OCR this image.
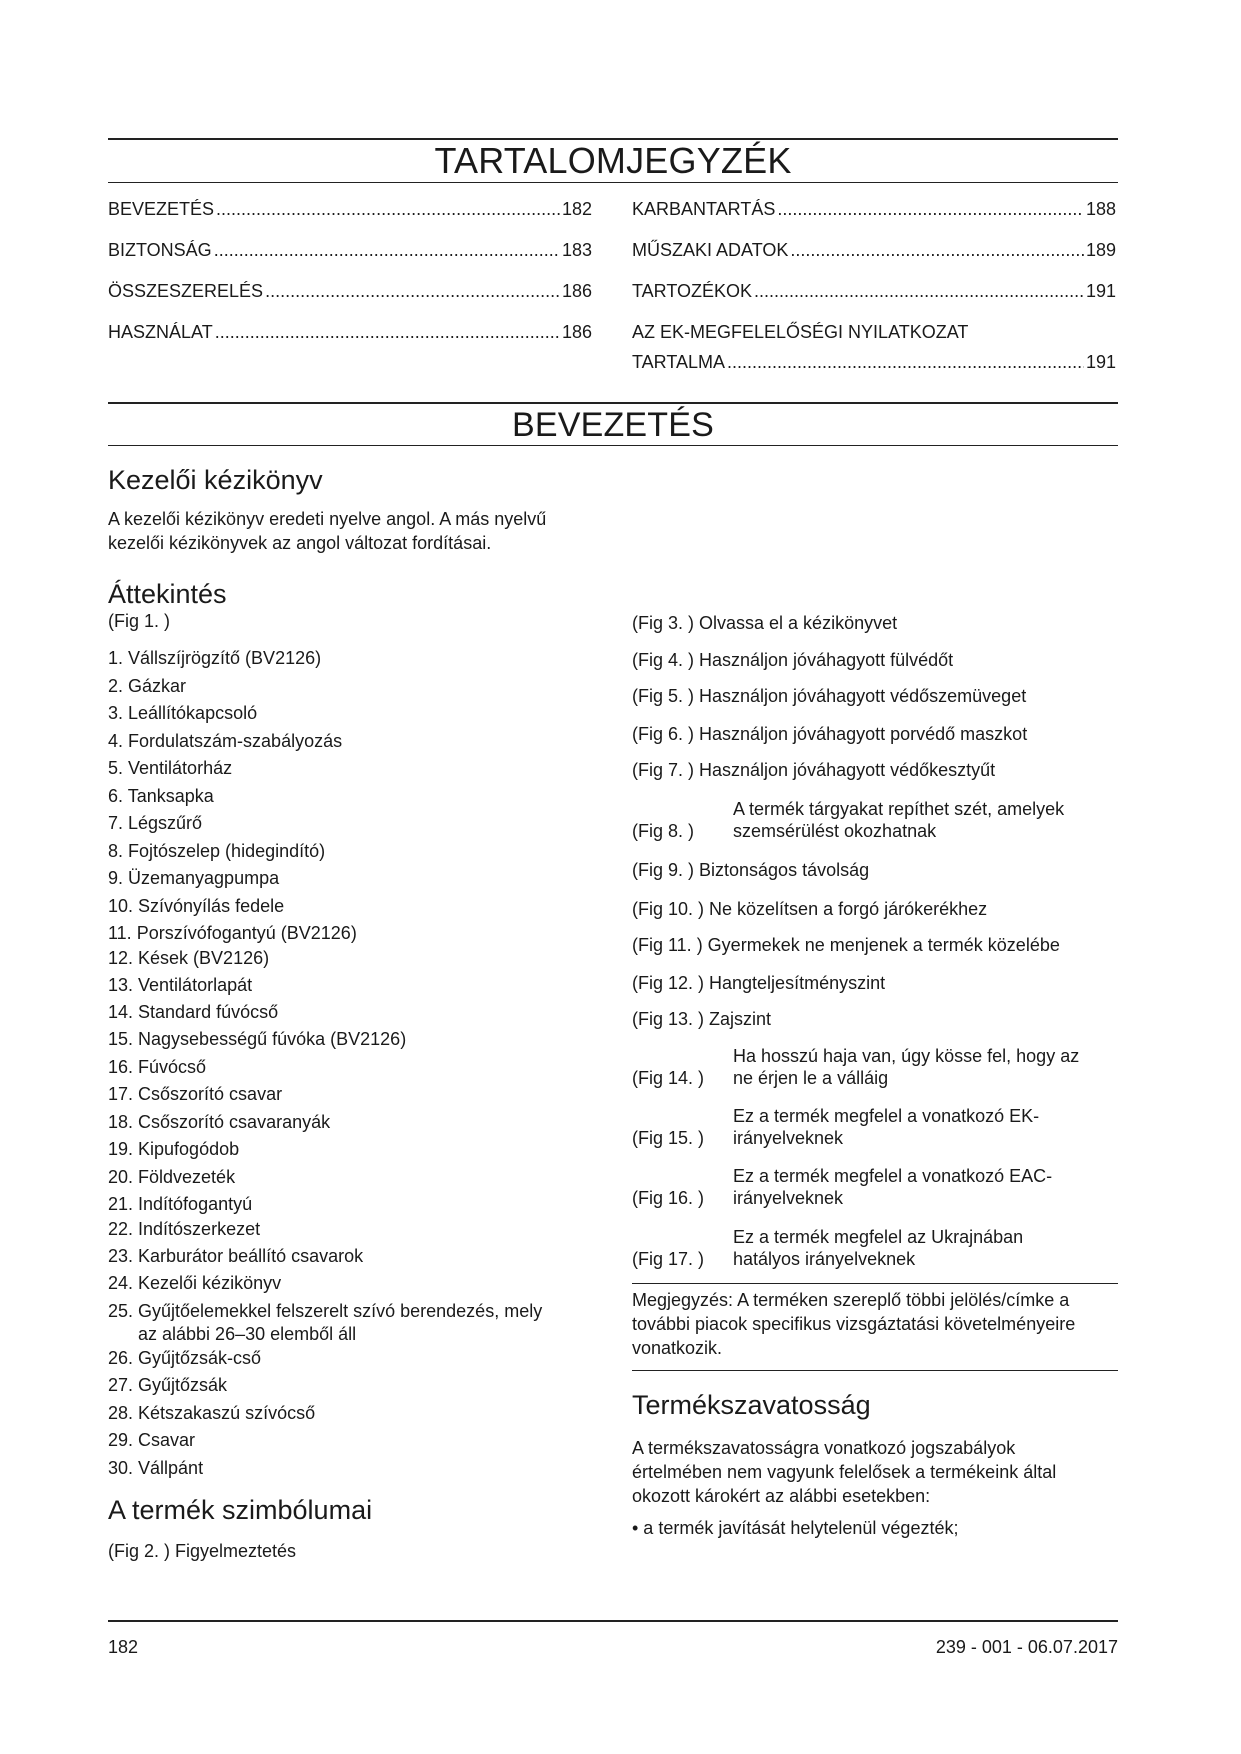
TARTALOMJEGYZÉK
BEVEZETÉS .....	182
BIZTONSÁG .....	183
ÖSSZESZERELÉS .....	186
HASZNÁLAT .....	186
KARBANTARTÁS .....	188
MŰSZAKI ADATOK .....	189
TARTOZÉKOK .....	191
AZ EK-MEGFELELŐSÉGI NYILATKOZAT
TARTALMA .....	191
BEVEZETÉS
Kezelői kézikönyv
A kezelői kézikönyv eredeti nyelve angol. A más nyelvű
kezelői kézikönyvek az angol változat fordításai.
Áttekintés
(Fig 1. )
1. Vállszíjrögzítő (BV2126)
2. Gázkar
3. Leállítókapcsoló
4. Fordulatszám-szabályozás
5. Ventilátorház
6. Tanksapka
7. Légszűrő
8. Fojtószelep (hidegindító)
9. Üzemanyagpumpa
10. Szívónyílás fedele
11. Porszívófogantyú (BV2126)
12. Kések (BV2126)
13. Ventilátorlapát
14. Standard fúvócső
15. Nagysebességű fúvóka (BV2126)
16. Fúvócső
17. Csőszorító csavar
18. Csőszorító csavaranyák
19. Kipufogódob
20. Földvezeték
21. Indítófogantyú
22. Indítószerkezet
23. Karburátor beállító csavarok
24. Kezelői kézikönyv
25. Gyűjtőelemekkel felszerelt szívó berendezés, mely
az alábbi 26–30 elemből áll
26. Gyűjtőzsák-cső
27. Gyűjtőzsák
28. Kétszakaszú szívócső
29. Csavar
30. Vállpánt
A termék szimbólumai
(Fig 2. ) Figyelmeztetés
(Fig 3. ) Olvassa el a kézikönyvet
(Fig 4. ) Használjon jóváhagyott fülvédőt
(Fig 5. ) Használjon jóváhagyott védőszemüveget
(Fig 6. ) Használjon jóváhagyott porvédő maszkot
(Fig 7. ) Használjon jóváhagyott védőkesztyűt
(Fig 8. )
A termék tárgyakat repíthet szét, amelyek
szemsérülést okozhatnak
(Fig 9. ) Biztonságos távolság
(Fig 10. ) Ne közelítsen a forgó járókerékhez
(Fig 11. ) Gyermekek ne menjenek a termék közelébe
(Fig 12. ) Hangteljesítményszint
(Fig 13. ) Zajszint
(Fig 14. )
Ha hosszú haja van, úgy kösse fel, hogy az
ne érjen le a válláig
(Fig 15. )
Ez a termék megfelel a vonatkozó EK-
irányelveknek
(Fig 16. )
Ez a termék megfelel a vonatkozó EAC-
irányelveknek
(Fig 17. )
Ez a termék megfelel az Ukrajnában
hatályos irányelveknek
Megjegyzés: A terméken szereplő többi jelölés/címke a
további piacok specifikus vizsgáztatási követelményeire
vonatkozik.
Termékszavatosság
A termékszavatosságra vonatkozó jogszabályok
értelmében nem vagyunk felelősek a termékeink által
okozott károkért az alábbi esetekben:
• a termék javítását helytelenül végezték;
182	239 - 001 - 06.07.2017
